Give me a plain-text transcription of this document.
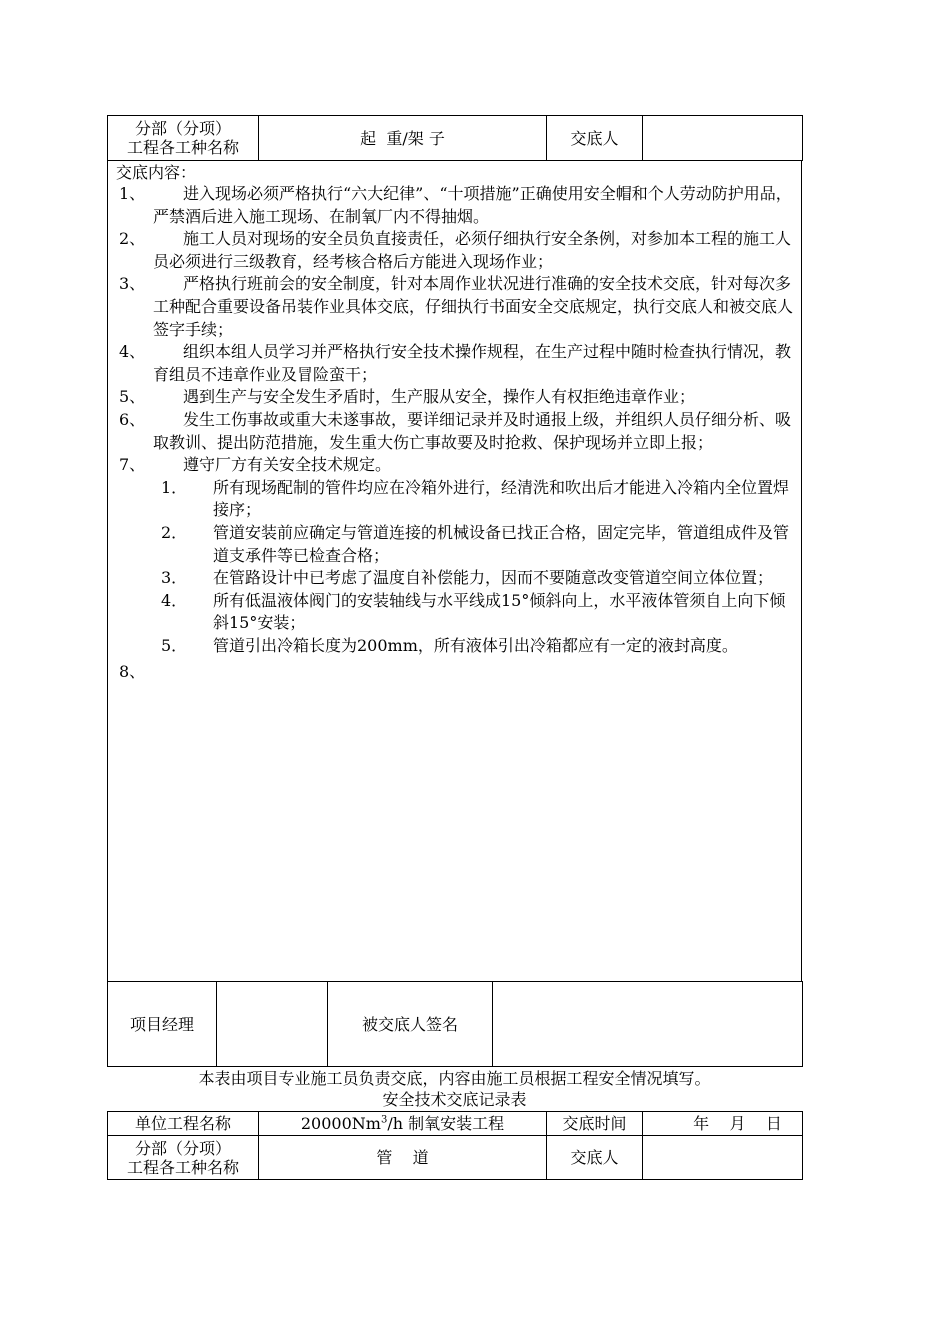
分部（分项）
工程各工种名称	起  重/架 子	交底人	
交底内容：
1、	进入现场必须严格执行“六大纪律”、“十项措施”正确使用安全帽和个人劳动防护用品，严禁酒后进入施工现场、在制氧厂内不得抽烟。
2、	施工人员对现场的安全员负直接责任，必须仔细执行安全条例，对参加本工程的施工人员必须进行三级教育，经考核合格后方能进入现场作业；
3、	严格执行班前会的安全制度，针对本周作业状况进行准确的安全技术交底，针对每次多工种配合重要设备吊装作业具体交底，仔细执行书面安全交底规定，执行交底人和被交底人签字手续；
4、	组织本组人员学习并严格执行安全技术操作规程，在生产过程中随时检查执行情况，教育组员不违章作业及冒险蛮干；
5、	遇到生产与安全发生矛盾时，生产服从安全，操作人有权拒绝违章作业；
6、	发生工伤事故或重大未遂事故，要详细记录并及时通报上级，并组织人员仔细分析、吸取教训、提出防范措施，发生重大伤亡事故要及时抢救、保护现场并立即上报；
7、	遵守厂方有关安全技术规定。
1． 所有现场配制的管件均应在冷箱外进行，经清洗和吹出后才能进入冷箱内全位置焊接序；
2． 管道安装前应确定与管道连接的机械设备已找正合格，固定完毕，管道组成件及管道支承件等已检查合格；
3． 在管路设计中已考虑了温度自补偿能力，因而不要随意改变管道空间立体位置；
4． 所有低温液体阀门的安装轴线与水平线成15°倾斜向上，水平液体管须自上向下倾斜15°安装；
5． 管道引出冷箱长度为200mm，所有液体引出冷箱都应有一定的液封高度。
8、
项目经理		被交底人签名	
本表由项目专业施工员负责交底，内容由施工员根据工程安全情况填写。
安全技术交底记录表
单位工程名称	20000Nm$^3$/h 制氧安装工程	交底时间	年    月    日

分部（分项）
工程各工种名称	管    道	交底人	
